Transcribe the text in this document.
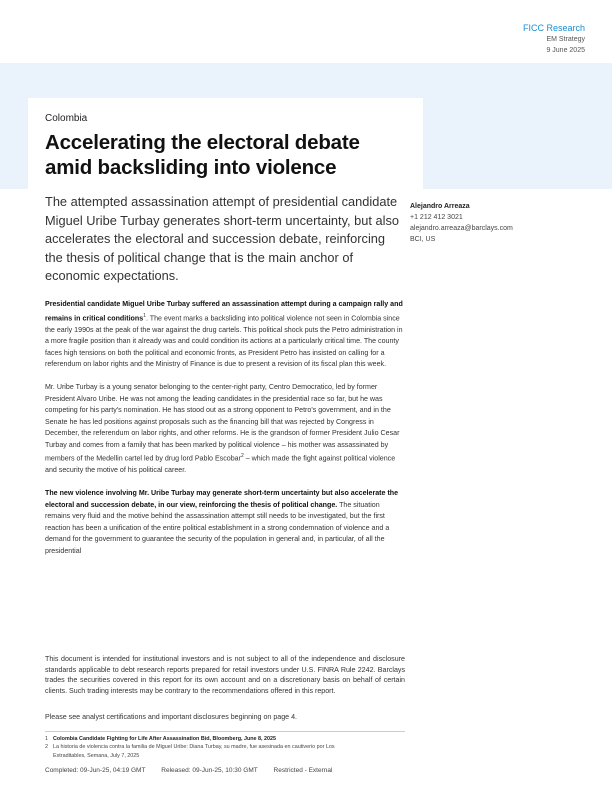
FICC Research
EM Strategy
9 June 2025
Colombia
Accelerating the electoral debate
amid backsliding into violence
The attempted assassination attempt of presidential candidate Miguel Uribe Turbay generates short-term uncertainty, but also accelerates the electoral and succession debate, reinforcing the thesis of political change that is the main anchor of economic expectations.
Alejandro Arreaza
+1 212 412 3021
alejandro.arreaza@barclays.com
BCI, US

Presidential candidate Miguel Uribe Turbay suffered an assassination attempt during a campaign rally and remains in critical conditions$^1$. The event marks a backsliding into political violence not seen in Colombia since the early 1990s at the peak of the war against the drug cartels. This political shock puts the Petro administration in a more fragile position than it already was and could condition its actions at a particularly critical time. The county faces high tensions on both the political and economic fronts, as President Petro has insisted on calling for a referendum on labor rights and the Ministry of Finance is due to present a revision of its fiscal plan this week.

Mr. Uribe Turbay is a young senator belonging to the center-right party, Centro Democratico, led by former President Alvaro Uribe. He was not among the leading candidates in the presidential race so far, but he was competing for his party's nomination. He has stood out as a strong opponent to Petro's government, and in the Senate he has led positions against proposals such as the financing bill that was rejected by Congress in December, the referendum on labor rights, and other reforms. He is the grandson of former President Julio Cesar Turbay and comes from a family that has been marked by political violence – his mother was assassinated by members of the Medellin cartel led by drug lord Pablo Escobar$^2$ – which made the fight against political violence and security the motive of his political career.

The new violence involving Mr. Uribe Turbay may generate short-term uncertainty but also accelerate the electoral and succession debate, in our view, reinforcing the thesis of political change. The situation remains very fluid and the motive behind the assassination attempt still needs to be investigated, but the first reaction has been a unification of the entire political establishment in a strong condemnation of violence and a demand for the government to guarantee the security of the population in general and, in particular, of all the presidential

This document is intended for institutional investors and is not subject to all of the independence and disclosure standards applicable to debt research reports prepared for retail investors under U.S. FINRA Rule 2242. Barclays trades the securities covered in this report for its own account and on a discretionary basis on behalf of certain clients. Such trading interests may be contrary to the recommendations offered in this report.
Please see analyst certifications and important disclosures beginning on page 4.
1 Colombia Candidate Fighting for Life After Assassination Bid, Bloomberg, June 8, 2025
2 La historia de violencia contra la familia de Miguel Uribe: Diana Turbay, su madre, fue asesinada en cautiverio por Los
Extraditables, Semana, July 7, 2025
Completed: 09-Jun-25, 04:19 GMT Released: 09-Jun-25, 10:30 GMT Restricted - External
